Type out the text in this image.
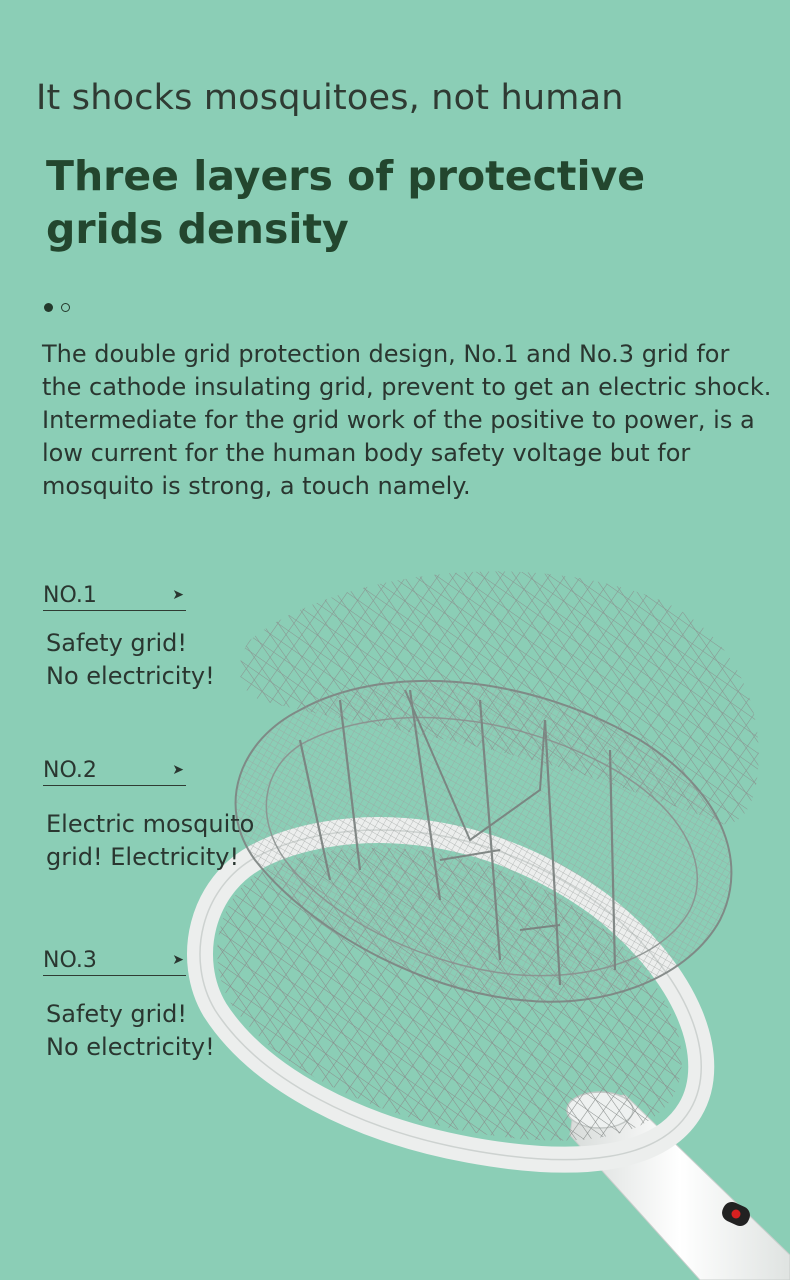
It shocks mosquitoes, not human
Three layers of protective
grids density

The double grid protection design, No.1 and No.3 grid for the cathode insulating grid, prevent to get an electric shock.

Intermediate for the grid work of the positive to power, is a low current for the human body safety voltage but for mosquito is strong, a touch namely.

NO.1	➤
Safety grid!
No electricity!
NO.2	➤
Electric mosquito
grid! Electricity!
NO.3	➤
Safety grid!
No electricity!
